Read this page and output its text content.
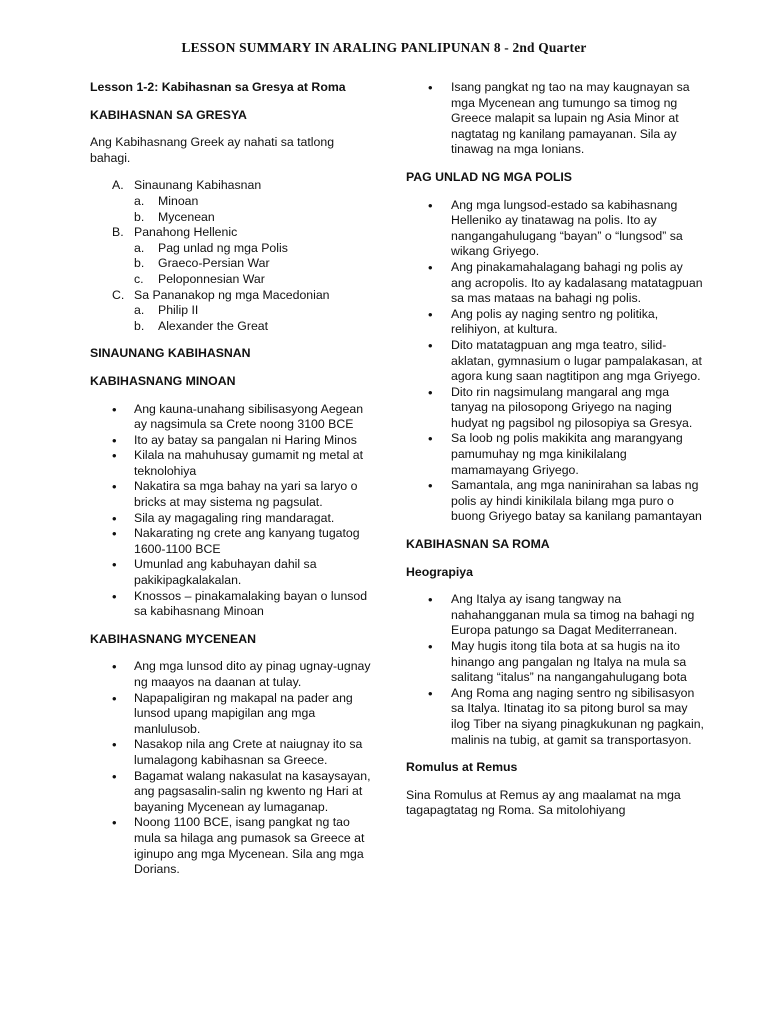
LESSON SUMMARY IN ARALING PANLIPUNAN 8 - 2nd Quarter
Lesson 1-2: Kabihasnan sa Gresya at Roma
KABIHASNAN SA GRESYA
Ang Kabihasnang Greek ay nahati sa tatlong bahagi.
A. Sinaunang Kabihasnan
a. Minoan
b. Mycenean
B. Panahong Hellenic
a. Pag unlad ng mga Polis
b. Graeco-Persian War
c. Peloponnesian War
C. Sa Pananakop ng mga Macedonian
a. Philip II
b. Alexander the Great
SINAUNANG KABIHASNAN
KABIHASNANG MINOAN
• Ang kauna-unahang sibilisasyong Aegean ay nagsimula sa Crete noong 3100 BCE
• Ito ay batay sa pangalan ni Haring Minos
• Kilala na mahuhusay gumamit ng metal at teknolohiya
• Nakatira sa mga bahay na yari sa laryo o bricks at may sistema ng pagsulat.
• Sila ay magagaling ring mandaragat.
• Nakarating ng crete ang kanyang tugatog 1600-1100 BCE
• Umunlad ang kabuhayan dahil sa pakikipagkalakalan.
• Knossos – pinakamalaking bayan o lunsod sa kabihasnang Minoan
KABIHASNANG MYCENEAN
• Ang mga lunsod dito ay pinag ugnay-ugnay ng maayos na daanan at tulay.
• Napapaligiran ng makapal na pader ang lunsod upang mapigilan ang mga manlulusob.
• Nasakop nila ang Crete at naiugnay ito sa lumalagong kabihasnan sa Greece.
• Bagamat walang nakasulat na kasaysayan, ang pagsasalin-salin ng kwento ng Hari at bayaning Mycenean ay lumaganap.
• Noong 1100 BCE, isang pangkat ng tao mula sa hilaga ang pumasok sa Greece at iginupo ang mga Mycenean. Sila ang mga Dorians.
• Isang pangkat ng tao na may kaugnayan sa mga Mycenean ang tumungo sa timog ng Greece malapit sa lupain ng Asia Minor at nagtatag ng kanilang pamayanan. Sila ay tinawag na mga Ionians.
PAG UNLAD NG MGA POLIS
• Ang mga lungsod-estado sa kabihasnang Helleniko ay tinatawag na polis. Ito ay nangangahulugang “bayan” o “lungsod” sa wikang Griyego.
• Ang pinakamahalagang bahagi ng polis ay ang acropolis. Ito ay kadalasang matatagpuan sa mas mataas na bahagi ng polis.
• Ang polis ay naging sentro ng politika, relihiyon, at kultura.
• Dito matatagpuan ang mga teatro, silid-aklatan, gymnasium o lugar pampalakasan, at agora kung saan nagtitipon ang mga Griyego.
• Dito rin nagsimulang mangaral ang mga tanyag na pilosopong Griyego na naging hudyat ng pagsibol ng pilosopiya sa Gresya.
• Sa loob ng polis makikita ang marangyang pamumuhay ng mga kinikilalang mamamayang Griyego.
• Samantala, ang mga naninirahan sa labas ng polis ay hindi kinikilala bilang mga puro o buong Griyego batay sa kanilang pamantayan
KABIHASNAN SA ROMA
Heograpiya
• Ang Italya ay isang tangway na nahahangganan mula sa timog na bahagi ng Europa patungo sa Dagat Mediterranean.
• May hugis itong tila bota at sa hugis na ito hinango ang pangalan ng Italya na mula sa salitang “italus” na nangangahulugang bota
• Ang Roma ang naging sentro ng sibilisasyon sa Italya. Itinatag ito sa pitong burol sa may ilog Tiber na siyang pinagkukunan ng pagkain, malinis na tubig, at gamit sa transportasyon.
Romulus at Remus
Sina Romulus at Remus ay ang maalamat na mga tagapagtatag ng Roma. Sa mitolohiyang
